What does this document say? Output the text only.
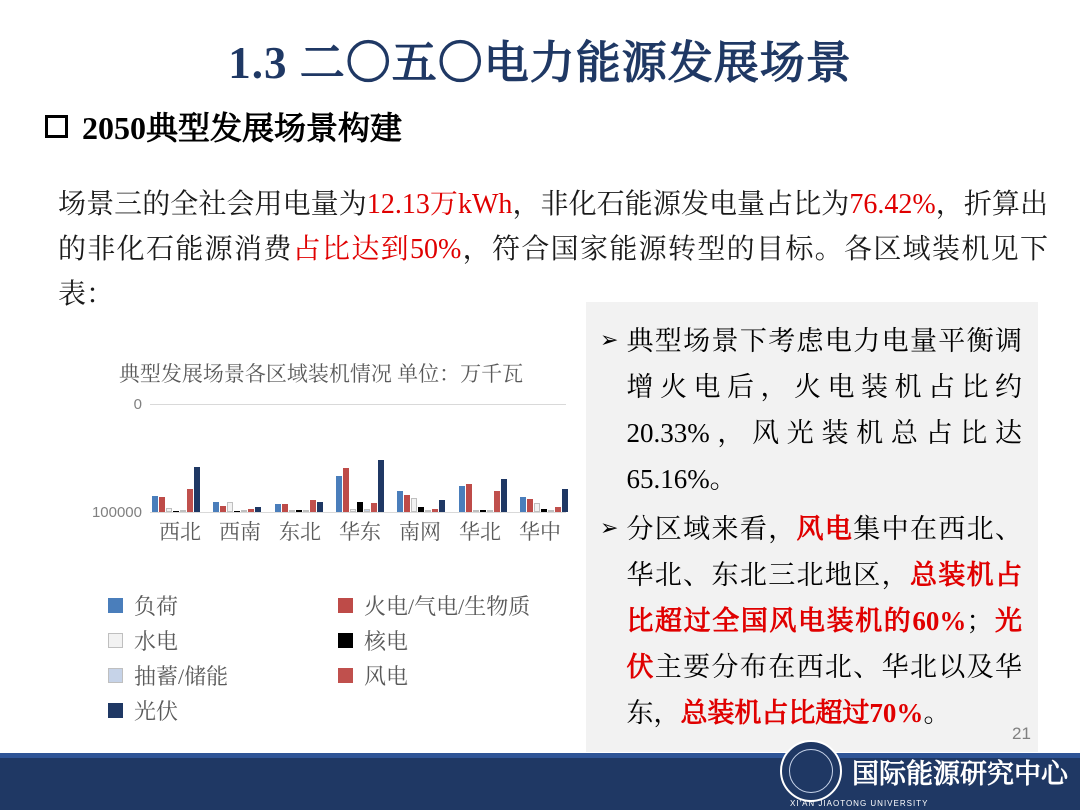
1.3 二〇五〇电力能源发展场景
2050典型发展场景构建
场景三的全社会用电量为12.13万kWh，非化石能源发电量占比为76.42%，折算出的非化石能源消费占比达到50%，符合国家能源转型的目标。各区域装机见下表：
典型发展场景各区域装机情况 单位：万千瓦
0
100000
西北 西南 东北 华东 南网 华北 华中
负荷	火电/气电/生物质
水电	核电
抽蓄/储能	风电
光伏
➢ 典型场景下考虑电力电量平衡调增火电后，火电装机占比约20.33%，风光装机总占比达65.16%。
➢ 分区域来看，风电集中在西北、华北、东北三北地区，总装机占比超过全国风电装机的60%；光伏主要分布在西北、华北以及华东，总装机占比超过70%。
21
国际能源研究中心
XI'AN JIAOTONG UNIVERSITY
